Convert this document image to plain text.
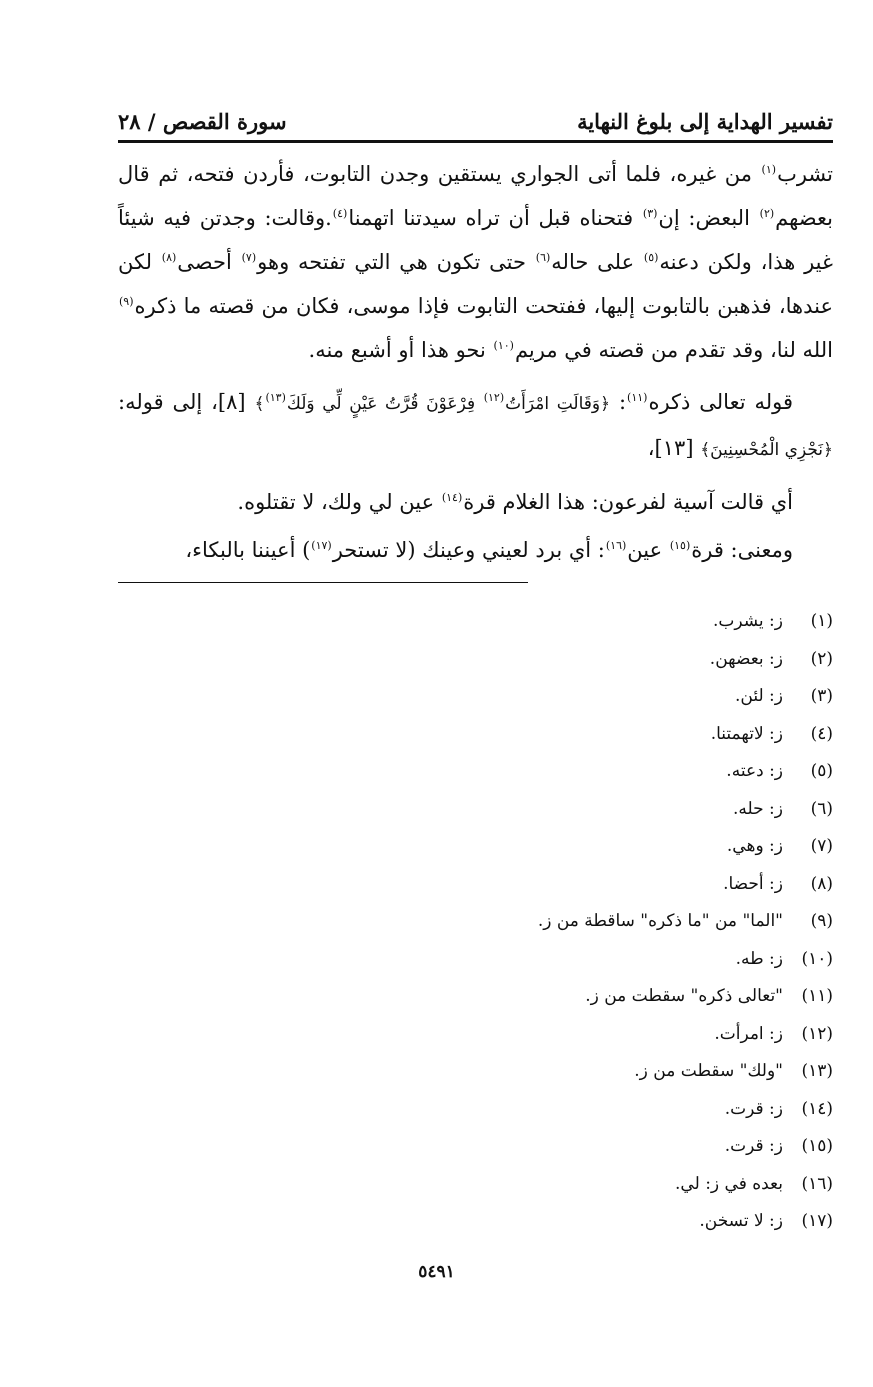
تفسير الهداية إلى بلوغ النهاية
سورة القصص / ٢٨

تشرب$^{(١)}$ من غيره، فلما أتى الجواري يستقين وجدن التابوت، فأردن فتحه، ثم قال بعضهم$^{(٢)}$ البعض: إن$^{(٣)}$ فتحناه قبل أن تراه سيدتنا اتهمنا$^{(٤)}$.وقالت: وجدتن فيه شيئاً غير هذا، ولكن دعنه$^{(٥)}$ على حاله$^{(٦)}$ حتى تكون هي التي تفتحه وهو$^{(٧)}$ أحصى$^{(٨)}$ لكن عندها، فذهبن بالتابوت إليها، ففتحت التابوت فإذا موسى، فكان من قصته ما ذكره$^{(٩)}$ الله لنا، وقد تقدم من قصته في مريم$^{(١٠)}$ نحو هذا أو أشبع منه.

قوله تعالى ذكره$^{(١١)}$: ﴿وَقَالَتِ امْرَأَتُ$^{(١٢)}$ فِرْعَوْنَ قُرَّتُ عَيْنٍ لِّي وَلَكَ$^{(١٣)}$﴾ [٨]، إلى قوله: ﴿نَجْزِي الْمُحْسِنِينَ﴾ [١٣]،

أي قالت آسية لفرعون: هذا الغلام قرة$^{(١٤)}$ عين لي ولك، لا تقتلوه.

ومعنى: قرة$^{(١٥)}$ عين$^{(١٦)}$: أي برد لعيني وعينك (لا تستحر$^{(١٧)}$) أعيننا بالبكاء،

(١)
ز: يشرب.
(٢)
ز: بعضهن.
(٣)
ز: لئن.
(٤)
ز: لاتهمتنا.
(٥)
ز: دعته.
(٦)
ز: حله.
(٧)
ز: وهي.
(٨)
ز: أحضا.
(٩)
"الما" من "ما ذكره" ساقطة من ز.
(١٠)
ز: طه.
(١١)
"تعالى ذكره" سقطت من ز.
(١٢)
ز: امرأت.
(١٣)
"ولك" سقطت من ز.
(١٤)
ز: قرت.
(١٥)
ز: قرت.
(١٦)
بعده في ز: لي.
(١٧)
ز: لا تسخن.
٥٤٩١
